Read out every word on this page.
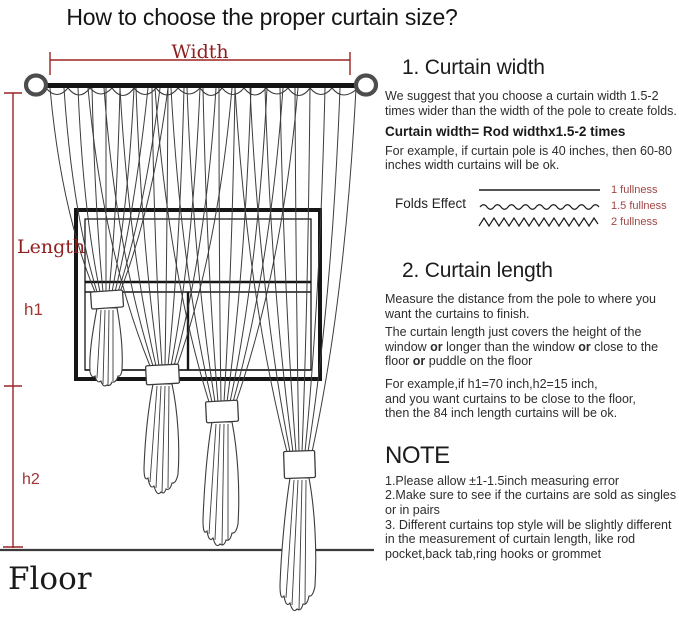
How to choose the proper curtain size?
Width
Length
h1
h2
Floor
1. Curtain width
We suggest that you choose a curtain width 1.5-2 times wider than the width of the pole to create folds.
Curtain width= Rod widthx1.5-2 times
For example, if curtain pole is 40 inches, then 60-80 inches width curtains will be ok.
Folds Effect
1 fullness
1.5 fullness
2 fullness
2. Curtain length
Measure the distance from the pole to where you want the curtains to finish.
The curtain length just covers the height of the window or longer than the window or close to the floor or puddle on the floor
For example,if h1=70 inch,h2=15 inch,
and you want curtains to be close to the floor,
then the 84 inch length curtains will be ok.
NOTE
1.Please allow ±1-1.5inch measuring error
2.Make sure to see if the curtains are sold as singles or in pairs
3. Different curtains top style will be slightly different in the measurement of curtain length, like rod pocket,back tab,ring hooks or grommet
